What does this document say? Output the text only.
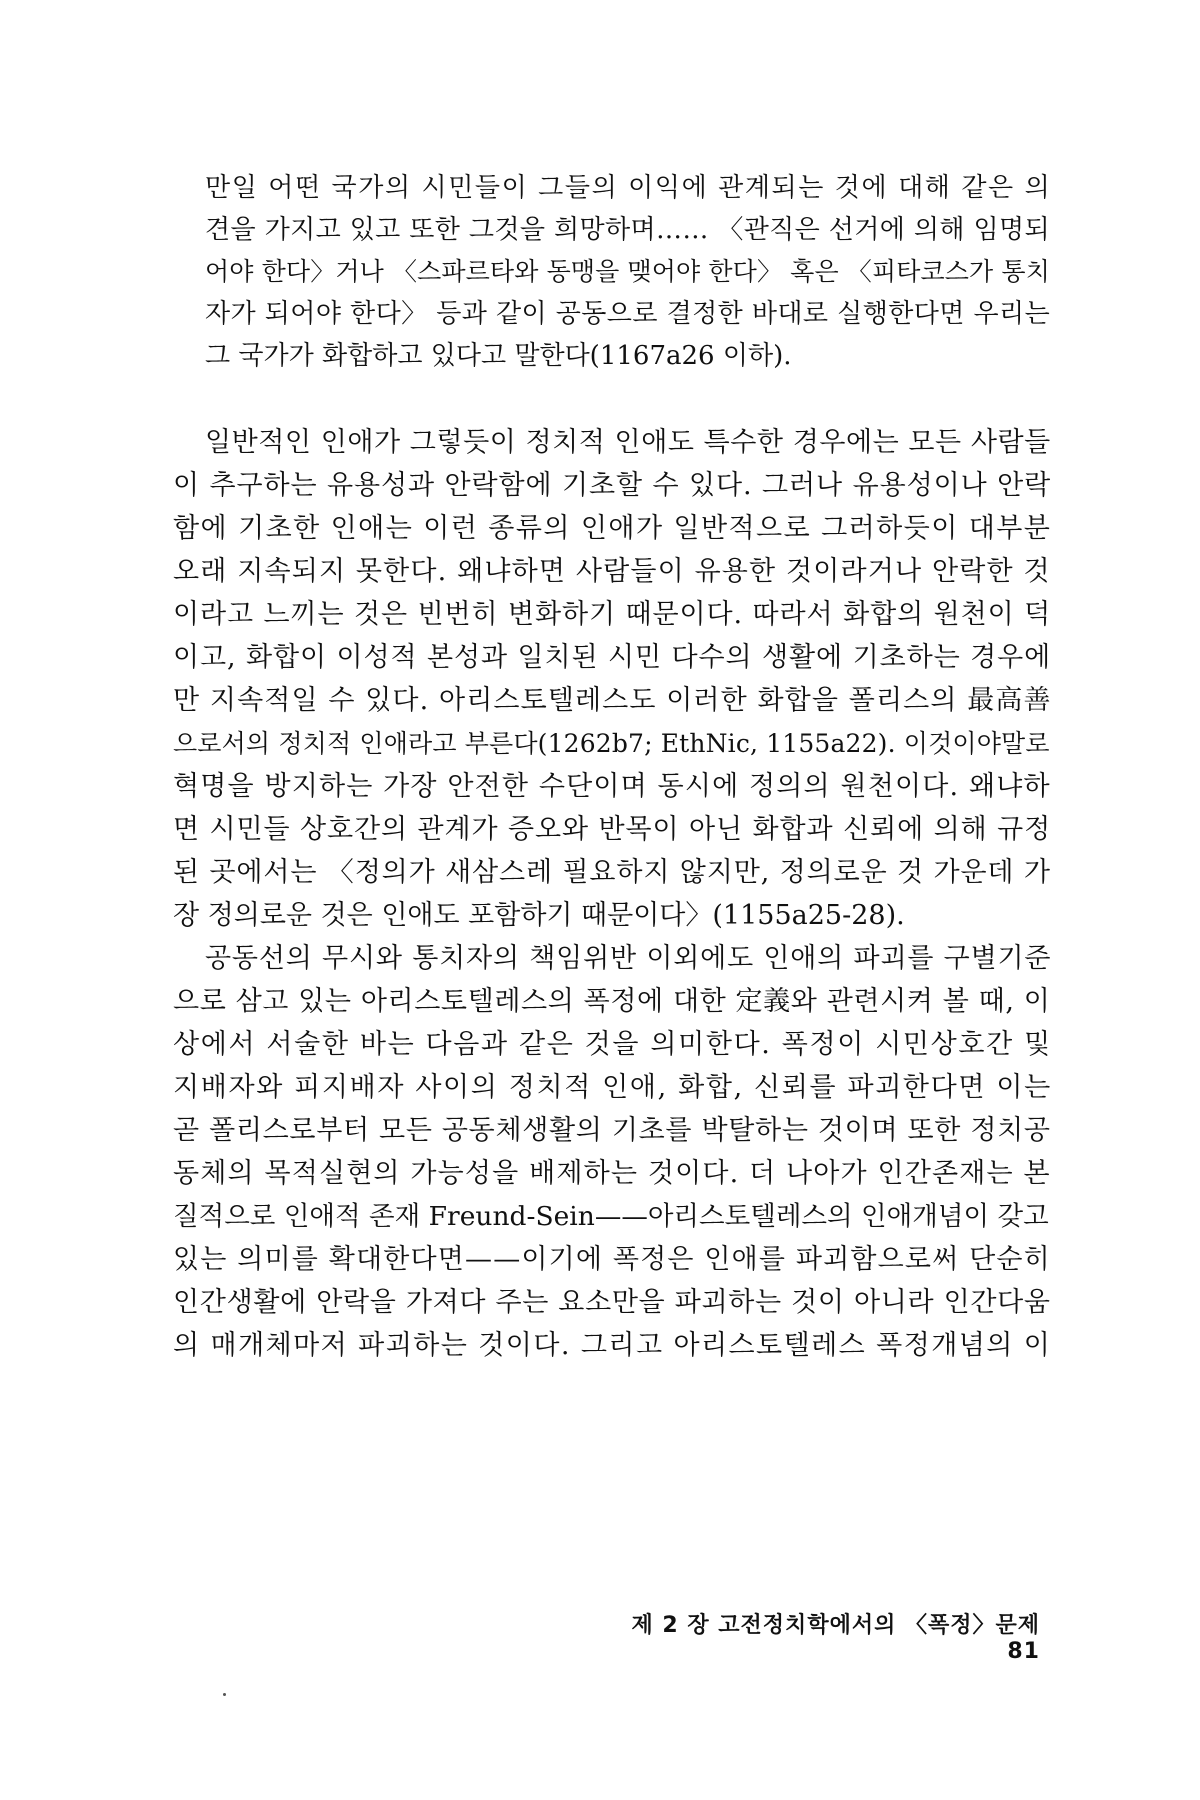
만일 어떤 국가의 시민들이 그들의 이익에 관계되는 것에 대해 같은 의
견을 가지고 있고 또한 그것을 희망하며…… 〈관직은 선거에 의해 임명되
어야 한다〉거나 〈스파르타와 동맹을 맺어야 한다〉 혹은 〈피타코스가 통치
자가 되어야 한다〉 등과 같이 공동으로 결정한 바대로 실행한다면 우리는
그 국가가 화합하고 있다고 말한다(1167a26 이하).
일반적인 인애가 그렇듯이 정치적 인애도 특수한 경우에는 모든 사람들
이 추구하는 유용성과 안락함에 기초할 수 있다. 그러나 유용성이나 안락
함에 기초한 인애는 이런 종류의 인애가 일반적으로 그러하듯이 대부분
오래 지속되지 못한다. 왜냐하면 사람들이 유용한 것이라거나 안락한 것
이라고 느끼는 것은 빈번히 변화하기 때문이다. 따라서 화합의 원천이 덕
이고, 화합이 이성적 본성과 일치된 시민 다수의 생활에 기초하는 경우에
만 지속적일 수 있다. 아리스토텔레스도 이러한 화합을 폴리스의 最高善
으로서의 정치적 인애라고 부른다(1262b7; EthNic, 1155a22). 이것이야말로
혁명을 방지하는 가장 안전한 수단이며 동시에 정의의 원천이다. 왜냐하
면 시민들 상호간의 관계가 증오와 반목이 아닌 화합과 신뢰에 의해 규정
된 곳에서는 〈정의가 새삼스레 필요하지 않지만, 정의로운 것 가운데 가
장 정의로운 것은 인애도 포함하기 때문이다〉(1155a25-28).
공동선의 무시와 통치자의 책임위반 이외에도 인애의 파괴를 구별기준
으로 삼고 있는 아리스토텔레스의 폭정에 대한 定義와 관련시켜 볼 때, 이
상에서 서술한 바는 다음과 같은 것을 의미한다. 폭정이 시민상호간 및
지배자와 피지배자 사이의 정치적 인애, 화합, 신뢰를 파괴한다면 이는
곧 폴리스로부터 모든 공동체생활의 기초를 박탈하는 것이며 또한 정치공
동체의 목적실현의 가능성을 배제하는 것이다. 더 나아가 인간존재는 본
질적으로 인애적 존재 Freund-Sein——아리스토텔레스의 인애개념이 갖고
있는 의미를 확대한다면——이기에 폭정은 인애를 파괴함으로써 단순히
인간생활에 안락을 가져다 주는 요소만을 파괴하는 것이 아니라 인간다움
의 매개체마저 파괴하는 것이다. 그리고 아리스토텔레스 폭정개념의 이
제 2 장 고전정치학에서의 〈폭정〉문제81
